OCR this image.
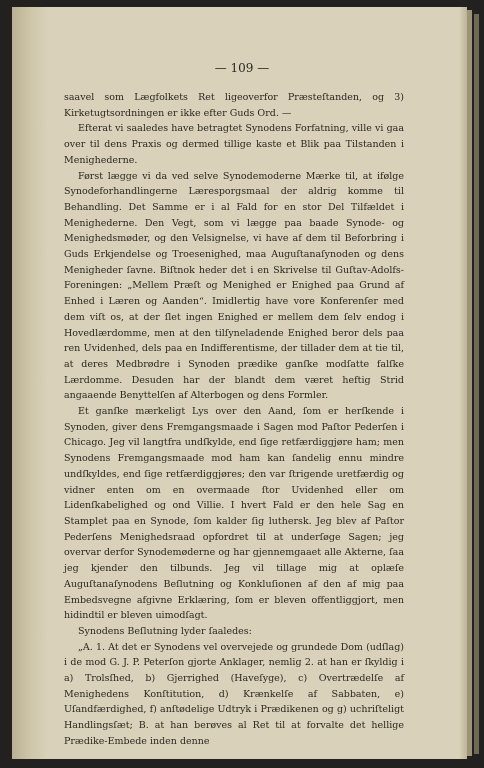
— 109 —

saavel som Lægfolkets Ret ligeoverfor Præsteſtanden, og 3) Kirketugtsordningen er ikke efter Guds Ord. —

Efterat vi saaledes have betragtet Synodens Forfatning, ville vi gaa over til dens Praxis og dermed tillige kaste et Blik paa Tilstanden i Menighederne.

Først lægge vi da ved selve Synodemoderne Mærke til, at ifølge Synodeforhandlingerne Læresporgsmaal der aldrig komme til Behandling. Det Samme er i al Fald for en stor Del Tilfældet i Menighederne. Den Vegt, som vi lægge paa baade Synode- og Menighedsmøder, og den Velsignelse, vi have af dem til Beforbring i Guds Erkjendelse og Troesenighed, maa Auguſtanaſynoden og dens Menigheder ſavne. Biſtnok heder det i en Skrivelse til Guſtav-Adolfs-Foreningen: „Mellem Præſt og Menighed er Enighed paa Grund af Enhed i Læren og Aanden“. Imidlertig have vore Konferenſer med dem viſt os, at der ſlet ingen Enighed er mellem dem ſelv endog i Hovedlærdomme, men at den tilſyneladende Enighed beror dels paa ren Uvidenhed, dels paa en Indifferentisme, der tillader dem at tie til, at deres Medbrødre i Synoden prædike ganſke modſatte falſke Lærdomme. Desuden har der blandt dem været heftig Strid angaaende Benyttelſen af Alterbogen og dens Formler.

Et ganſke mærkeligt Lys over den Aand, ſom er herſkende i Synoden, giver dens Fremgangsmaade i Sagen mod Paſtor Pederſen i Chicago. Jeg vil langtfra undſkylde, end ſige retfærdiggjøre ham; men Synodens Fremgangsmaade mod ham kan ſandelig ennu mindre undſkyldes, end ſige retfærdiggjøres; den var ſtrigende uretfærdig og vidner enten om en overmaade ſtor Uvidenhed eller om Lidenſkabelighed og ond Villie. I hvert Fald er den hele Sag en Stamplet paa en Synode, ſom kalder ſig luthersk. Jeg blev af Paſtor Pederſens Menighedsraad opfordret til at underſøge Sagen; jeg overvar derfor Synodemøderne og har gjennemgaaet alle Akterne, ſaa jeg kjender den tilbunds. Jeg vil tillage mig at oplæſe Auguſtanaſynodens Beſlutning og Konkluſionen af den af mig paa Embedsvegne afgivne Erklæring, ſom er bleven offentliggjort, men hidindtil er bleven uimodſagt.

Synodens Beſlutning lyder ſaaledes:

„A. 1. At det er Synodens vel overvejede og grundede Dom (udſlag) i de mod G. J. P. Peterſon gjorte Anklager, nemlig 2. at han er ſkyldig i a) Trolsſhed, b) Gjerrighed (Haveſyge), c) Overtrædelſe af Menighedens Konſtitution, d) Krænkelſe af Sabbaten, e) Uſandfærdighed, f) anſtødelige Udtryk i Prædikenen og g) uchriſteligt Handlingsſæt; B. at han berøves al Ret til at forvalte det hellige Prædike-Embede inden denne
